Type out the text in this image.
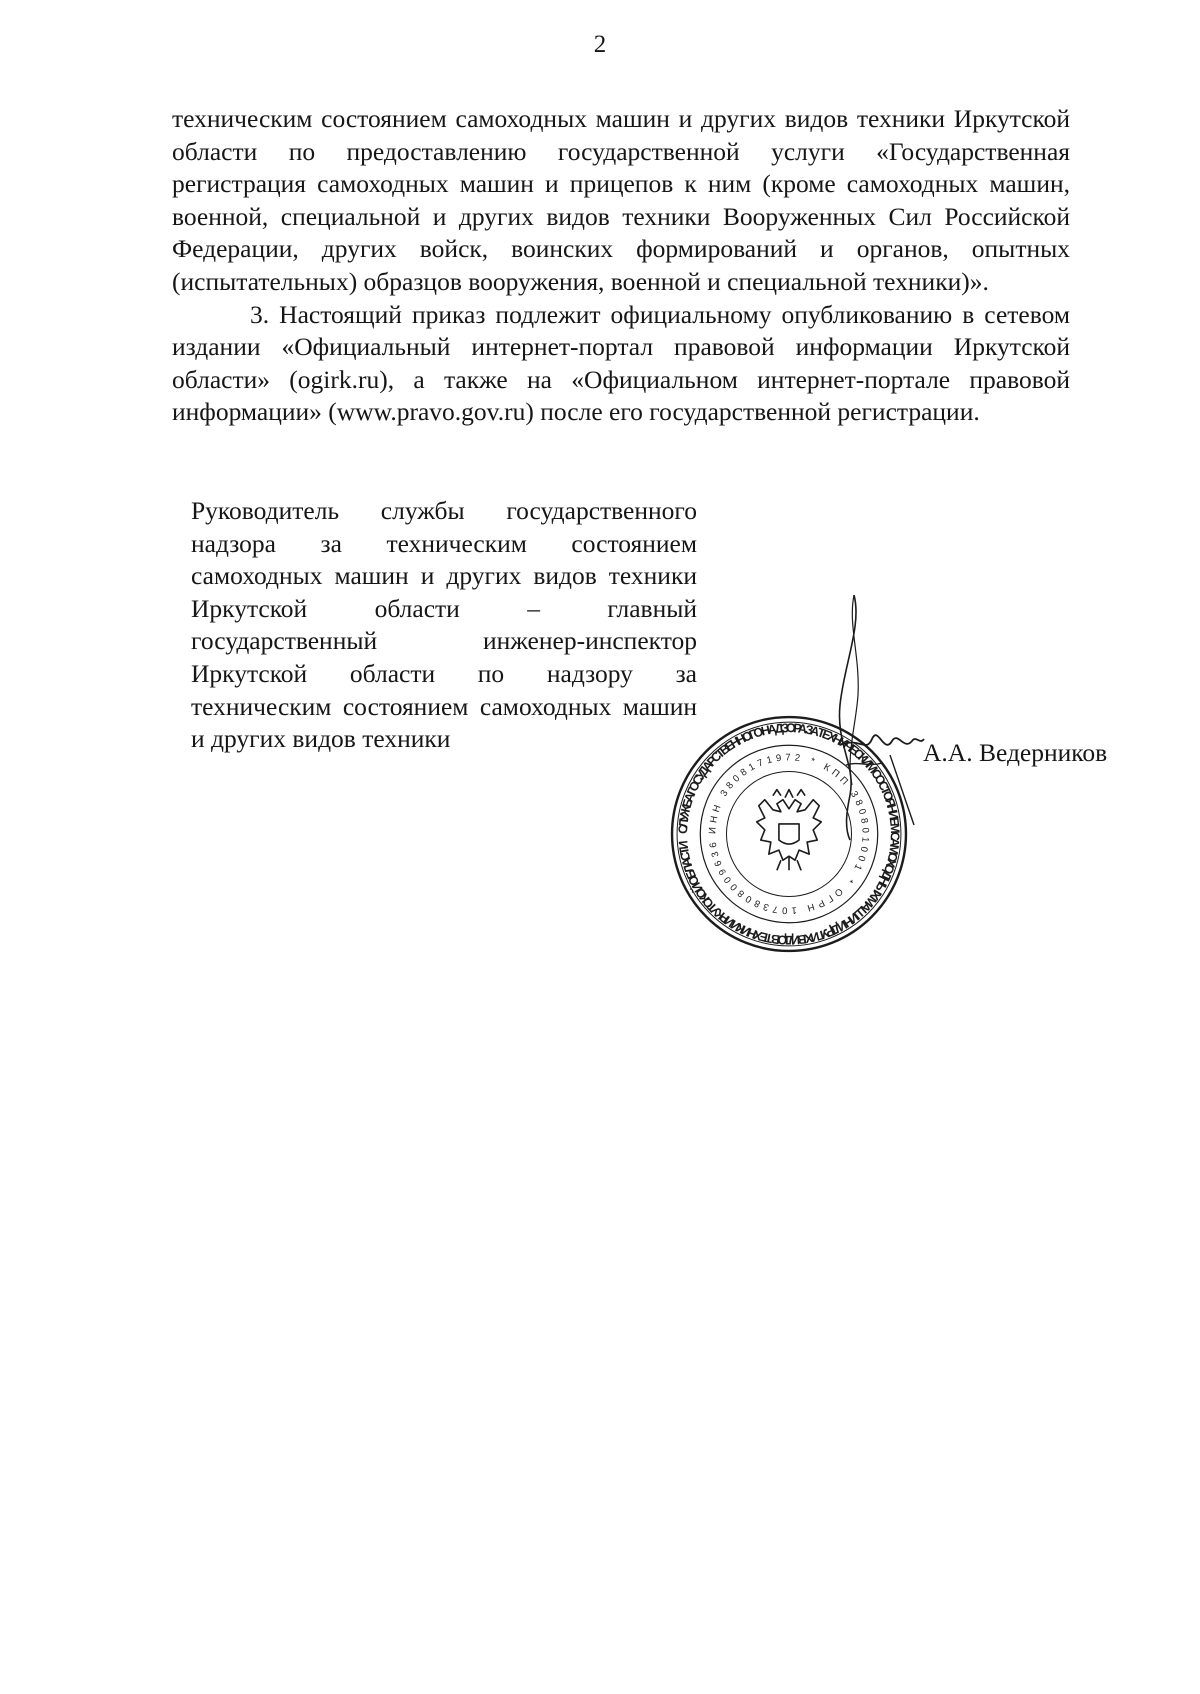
2

техническим состоянием самоходных машин и других видов техники Иркутской области по предоставлению государственной услуги «Государственная регистрация самоходных машин и прицепов к ним (кроме самоходных машин, военной, специальной и других видов техники Вооруженных Сил Российской Федерации, других войск, воинских формирований и органов, опытных (испытательных) образцов вооружения, военной и специальной техники)».

3. Настоящий приказ подлежит официальному опубликованию в сетевом издании «Официальный интернет-портал правовой информации Иркутской области» (ogirk.ru), а также на «Официальном интернет-портале правовой информации» (www.pravo.gov.ru) после его государственной регистрации.

Руководитель службы государственного надзора за техническим состоянием самоходных машин и других видов техники Иркутской области – главный государственный инженер-инспектор Иркутской области по надзору за техническим состоянием самоходных машин и других видов техники
СЛУЖБА ГОСУДАРСТВЕННОГО НАДЗОРА ЗА ТЕХНИЧЕСКИМ СОСТОЯНИЕМ САМОХОДНЫХ МАШИН И ДРУГИХ ВИДОВ ТЕХНИКИ ИРКУТСКОЙ ОБЛАСТИ
ИНН 3808171972 * КПП 380801001 * ОГРН 1073808009636
А.А. Ведерников
